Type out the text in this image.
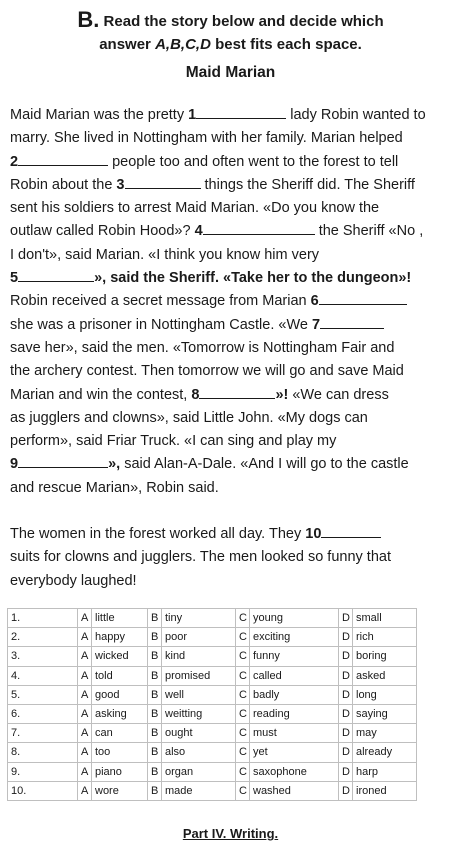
B. Read the story below and decide which
answer A,B,C,D best fits each space.
Maid Marian
Maid Marian was the pretty 1	lady Robin wanted to
marry. She lived in Nottingham with her family. Marian helped
2	people too and often went to the forest to tell
Robin about the 3	things the Sheriff did. The Sheriff
sent his soldiers to arrest Maid Marian. «Do you know the
outlaw called Robin Hood»? 4	the Sheriff «No ,
I don't», said Marian. «I think you know him very
5	», said the Sheriff. «Take her to the dungeon»!
Robin received a secret message from Marian 6
she was a prisoner in Nottingham Castle. «We 7
save her», said the men. «Tomorrow is Nottingham Fair and
the archery contest. Then tomorrow we will go and save Maid
Marian and win the contest, 8	»! «We can dress
as jugglers and clowns», said Little John. «My dogs can
perform», said Friar Truck. «I can sing and play my
9	», said Alan-A-Dale. «And I will go to the castle
and rescue Marian», Robin said.
The women in the forest worked all day. They 10
suits for clowns and jugglers. The men looked so funny that
everybody laughed!
1.	A	little	B	tiny	C	young	D	small
2.	A	happy	B	poor	C	exciting	D	rich
3.	A	wicked	B	kind	C	funny	D	boring
4.	A	told	B	promised	C	called	D	asked
5.	A	good	B	well	C	badly	D	long
6.	A	asking	B	weitting	C	reading	D	saying
7.	A	can	B	ought	C	must	D	may
8.	A	too	B	also	C	yet	D	already
9.	A	piano	B	organ	C	saxophone	D	harp
10.	A	wore	B	made	C	washed	D	ironed
Part IV. Writing.
